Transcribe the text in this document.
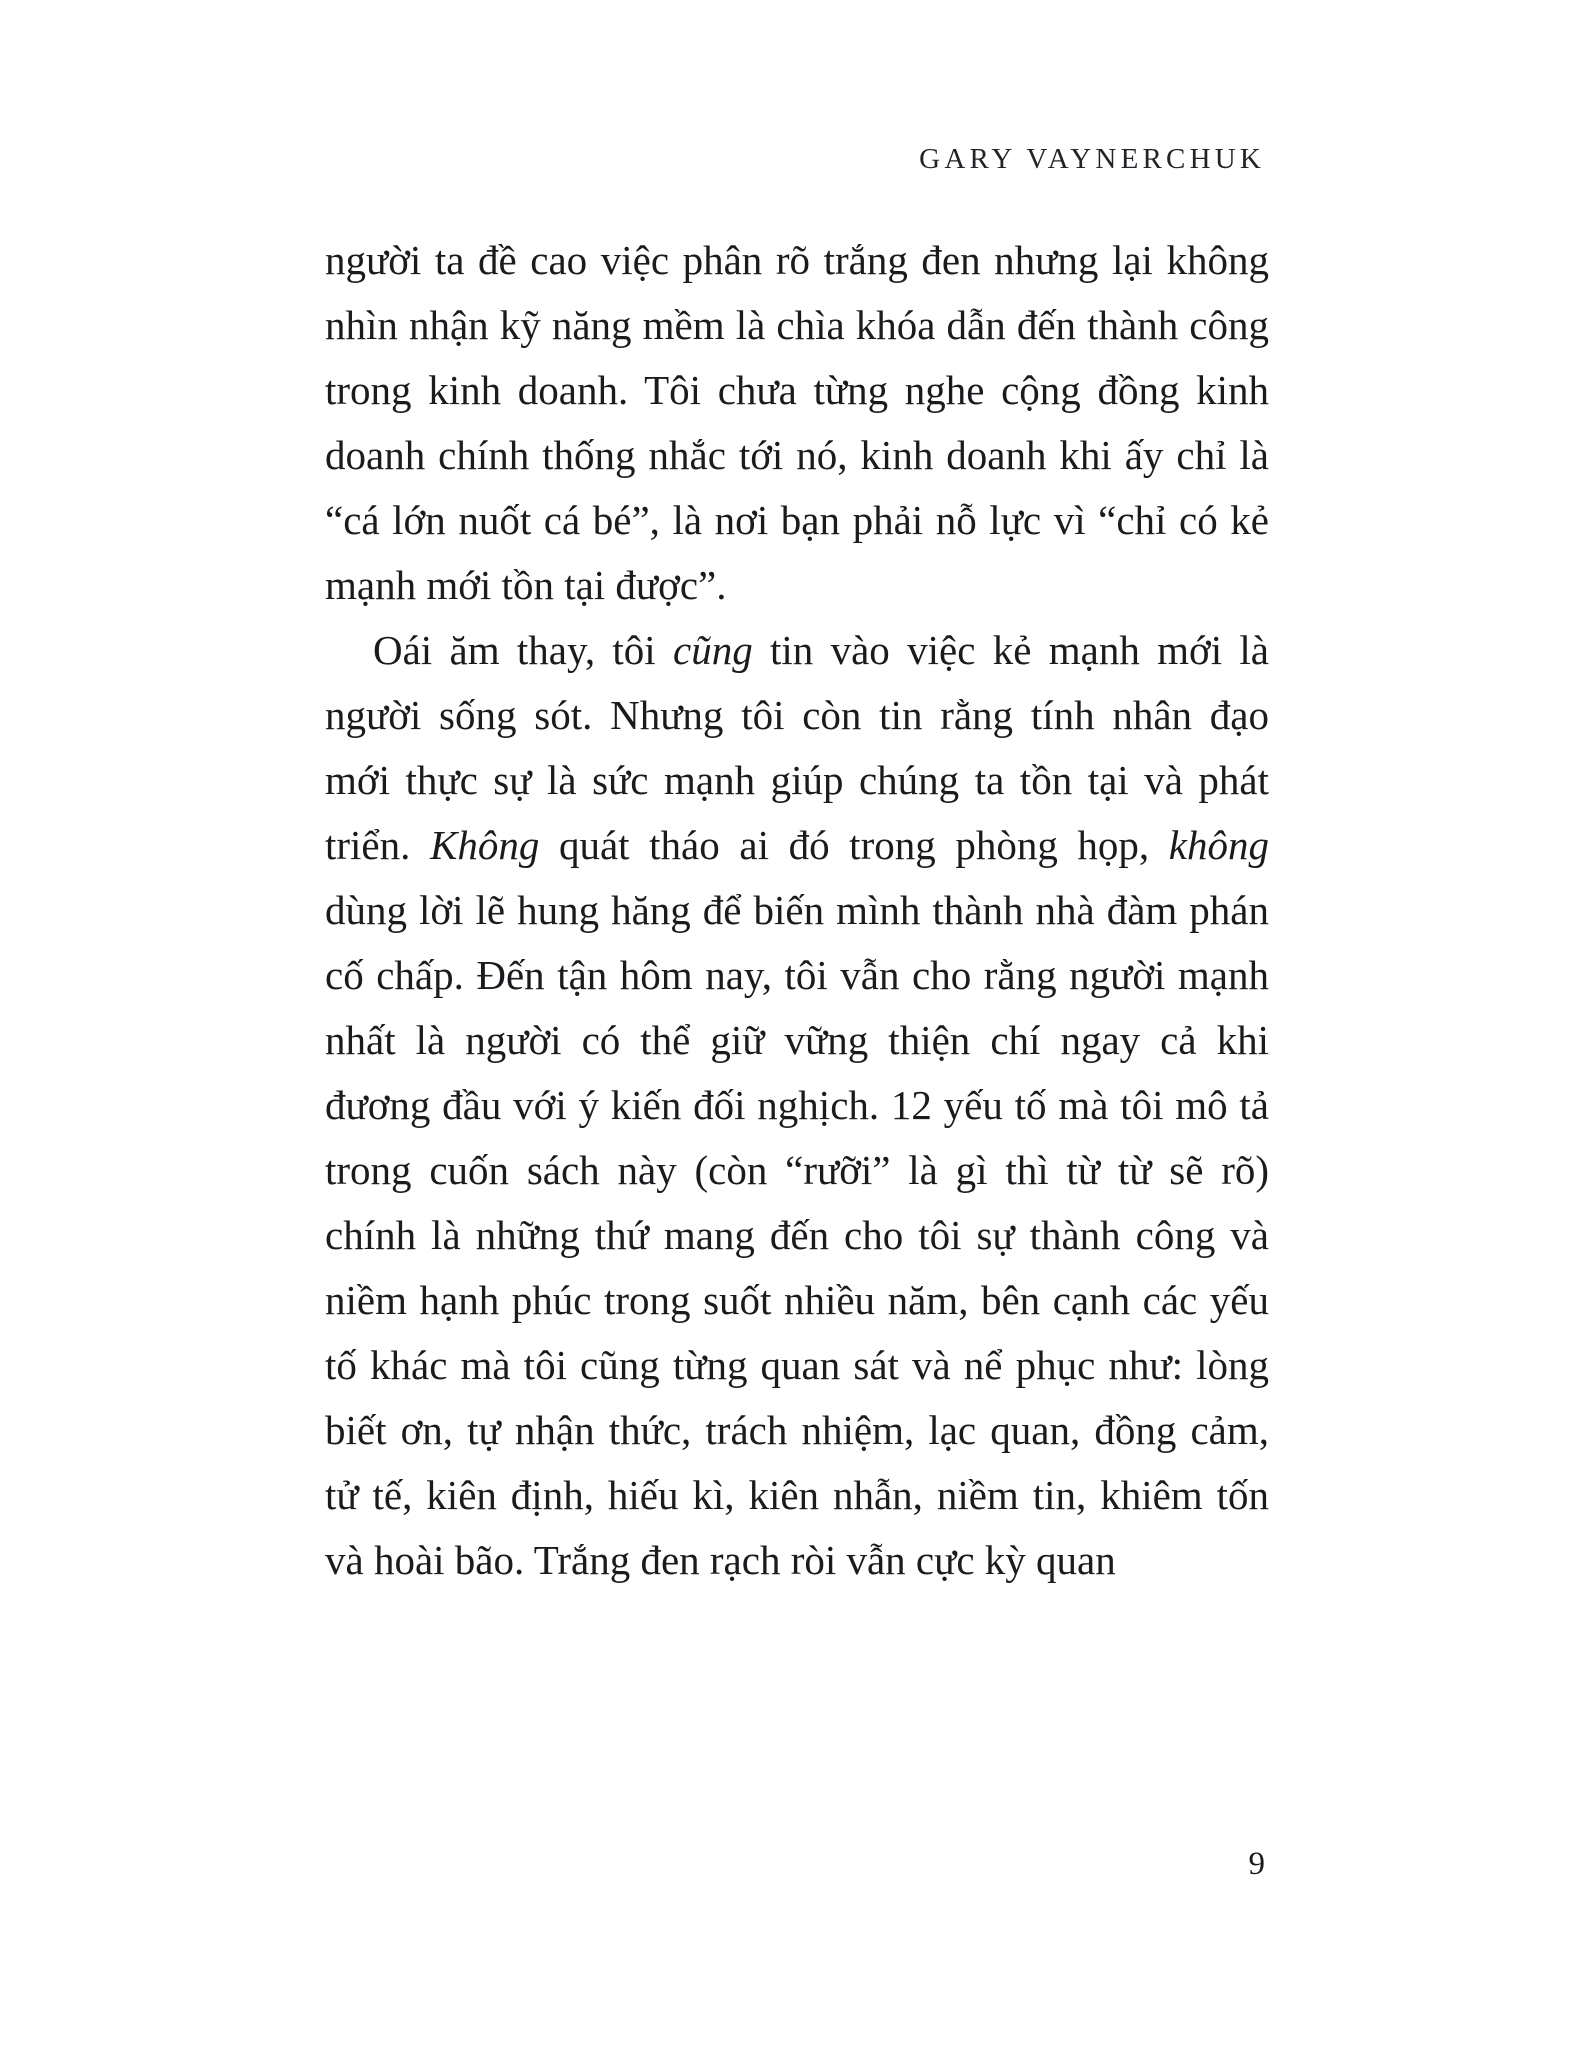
GARY VAYNERCHUK

người ta đề cao việc phân rõ trắng đen nhưng lại không nhìn nhận kỹ năng mềm là chìa khóa dẫn đến thành công trong kinh doanh. Tôi chưa từng nghe cộng đồng kinh doanh chính thống nhắc tới nó, kinh doanh khi ấy chỉ là “cá lớn nuốt cá bé”, là nơi bạn phải nỗ lực vì “chỉ có kẻ mạnh mới tồn tại được”.

Oái ăm thay, tôi cũng tin vào việc kẻ mạnh mới là người sống sót. Nhưng tôi còn tin rằng tính nhân đạo mới thực sự là sức mạnh giúp chúng ta tồn tại và phát triển. Không quát tháo ai đó trong phòng họp, không dùng lời lẽ hung hăng để biến mình thành nhà đàm phán cố chấp. Đến tận hôm nay, tôi vẫn cho rằng người mạnh nhất là người có thể giữ vững thiện chí ngay cả khi đương đầu với ý kiến đối nghịch. 12 yếu tố mà tôi mô tả trong cuốn sách này (còn “rưỡi” là gì thì từ từ sẽ rõ) chính là những thứ mang đến cho tôi sự thành công và niềm hạnh phúc trong suốt nhiều năm, bên cạnh các yếu tố khác mà tôi cũng từng quan sát và nể phục như: lòng biết ơn, tự nhận thức, trách nhiệm, lạc quan, đồng cảm, tử tế, kiên định, hiếu kì, kiên nhẫn, niềm tin, khiêm tốn và hoài bão. Trắng đen rạch ròi vẫn cực kỳ quan

9
